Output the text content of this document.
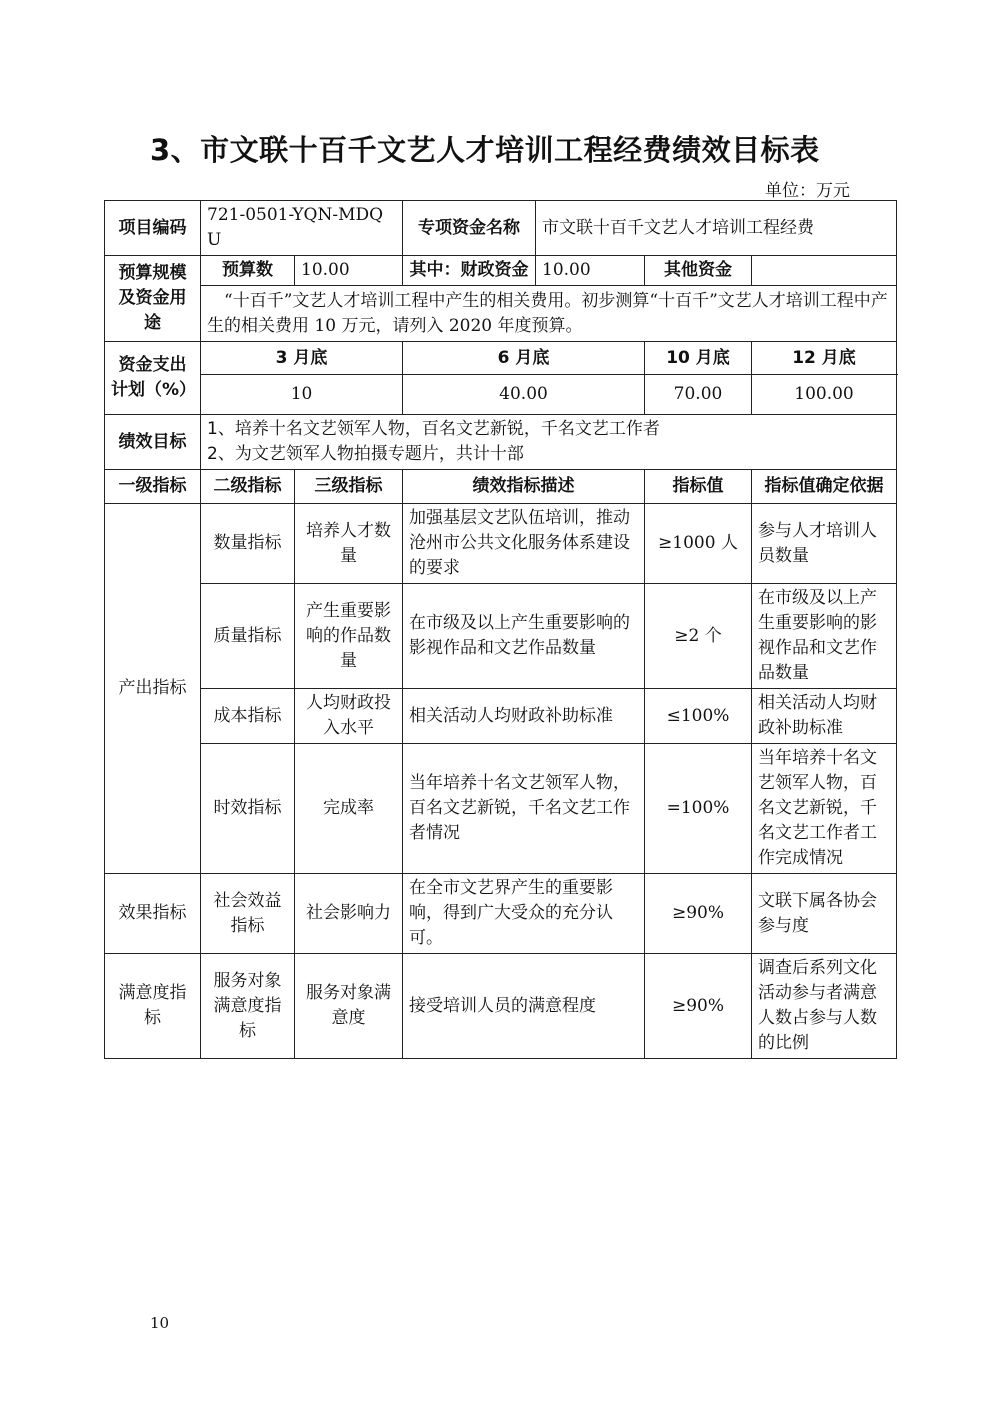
3、市文联十百千文艺人才培训工程经费绩效目标表
单位：万元
项目编码	721-0501-YQN-MDQU		专项资金名称	市文联十百千文艺人才培训工程经费		
预算规模及资金用途	预算数	10.00	其中：财政资金	10.00	其他资金	
	“十百千”文艺人才培训工程中产生的相关费用。初步测算“十百千”文艺人才培训工程中产生的相关费用 10 万元，请列入 2020 年度预算。					
资金支出计划（%）	3 月底		6 月底		10 月底	12 月底
	10		40.00		70.00	100.00
绩效目标	1、培养十名文艺领军人物，百名文艺新锐，千名文艺工作者
2、为文艺领军人物拍摄专题片，共计十部					

一级指标	二级指标	三级指标	绩效指标描述		指标值	指标值确定依据
产出指标	数量指标	培养人才数量	加强基层文艺队伍培训，推动沧州市公共文化服务体系建设的要求		≥1000 人	参与人才培训人员数量
	质量指标	产生重要影响的作品数量	在市级及以上产生重要影响的影视作品和文艺作品数量		≥2 个	在市级及以上产生重要影响的影视作品和文艺作品数量
	成本指标	人均财政投入水平	相关活动人均财政补助标准		≤100%	相关活动人均财政补助标准
	时效指标	完成率	当年培养十名文艺领军人物，百名文艺新锐，千名文艺工作者情况		=100%	当年培养十名文艺领军人物，百名文艺新锐，千名文艺工作者工作完成情况
效果指标	社会效益指标	社会影响力	在全市文艺界产生的重要影响，得到广大受众的充分认可。		≥90%	文联下属各协会参与度
满意度指标	服务对象满意度指标	服务对象满意度	接受培训人员的满意程度		≥90%	调查后系列文化活动参与者满意人数占参与人数的比例
10
